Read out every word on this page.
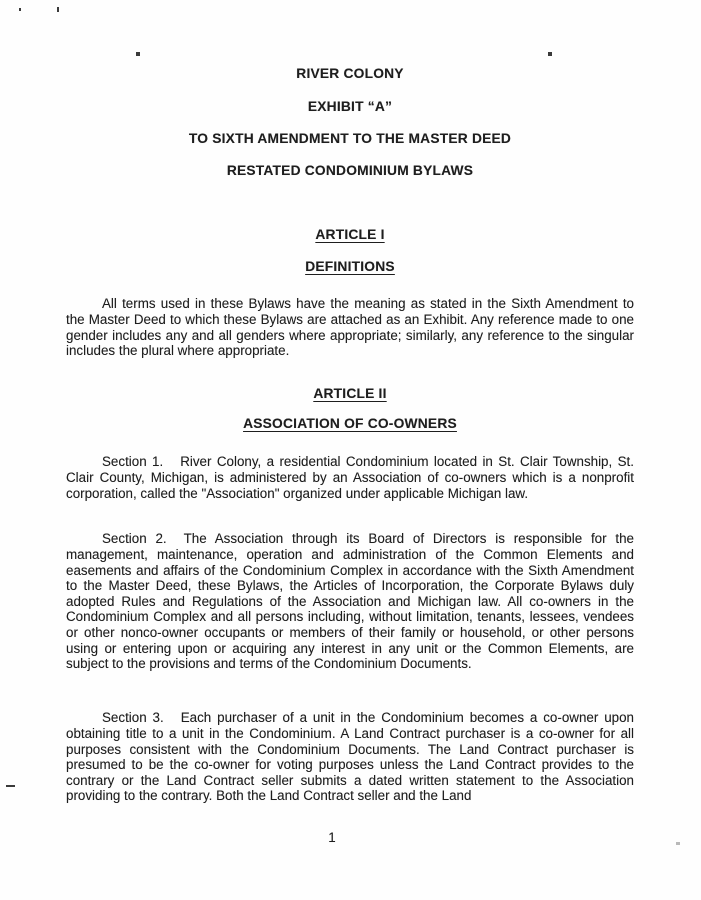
RIVER COLONY
EXHIBIT “A”
TO SIXTH AMENDMENT TO THE MASTER DEED
RESTATED CONDOMINIUM BYLAWS
ARTICLE I
DEFINITIONS

All terms used in these Bylaws have the meaning as stated in the Sixth Amendment to the Master Deed to which these Bylaws are attached as an Exhibit. Any reference made to one gender includes any and all genders where appropriate; similarly, any reference to the singular includes the plural where appropriate.

ARTICLE II
ASSOCIATION OF CO-OWNERS

Section 1. River Colony, a residential Condominium located in St. Clair Township, St. Clair County, Michigan, is administered by an Association of co-owners which is a nonprofit corporation, called the "Association" organized under applicable Michigan law.

Section 2. The Association through its Board of Directors is responsible for the management, maintenance, operation and administration of the Common Elements and easements and affairs of the Condominium Complex in accordance with the Sixth Amendment to the Master Deed, these Bylaws, the Articles of Incorporation, the Corporate Bylaws duly adopted Rules and Regulations of the Association and Michigan law. All co-owners in the Condominium Complex and all persons including, without limitation, tenants, lessees, vendees or other nonco-owner occupants or members of their family or household, or other persons using or entering upon or acquiring any interest in any unit or the Common Elements, are subject to the provisions and terms of the Condominium Documents.

Section 3. Each purchaser of a unit in the Condominium becomes a co-owner upon obtaining title to a unit in the Condominium. A Land Contract purchaser is a co-owner for all purposes consistent with the Condominium Documents. The Land Contract purchaser is presumed to be the co-owner for voting purposes unless the Land Contract provides to the contrary or the Land Contract seller submits a dated written statement to the Association providing to the contrary. Both the Land Contract seller and the Land

1
